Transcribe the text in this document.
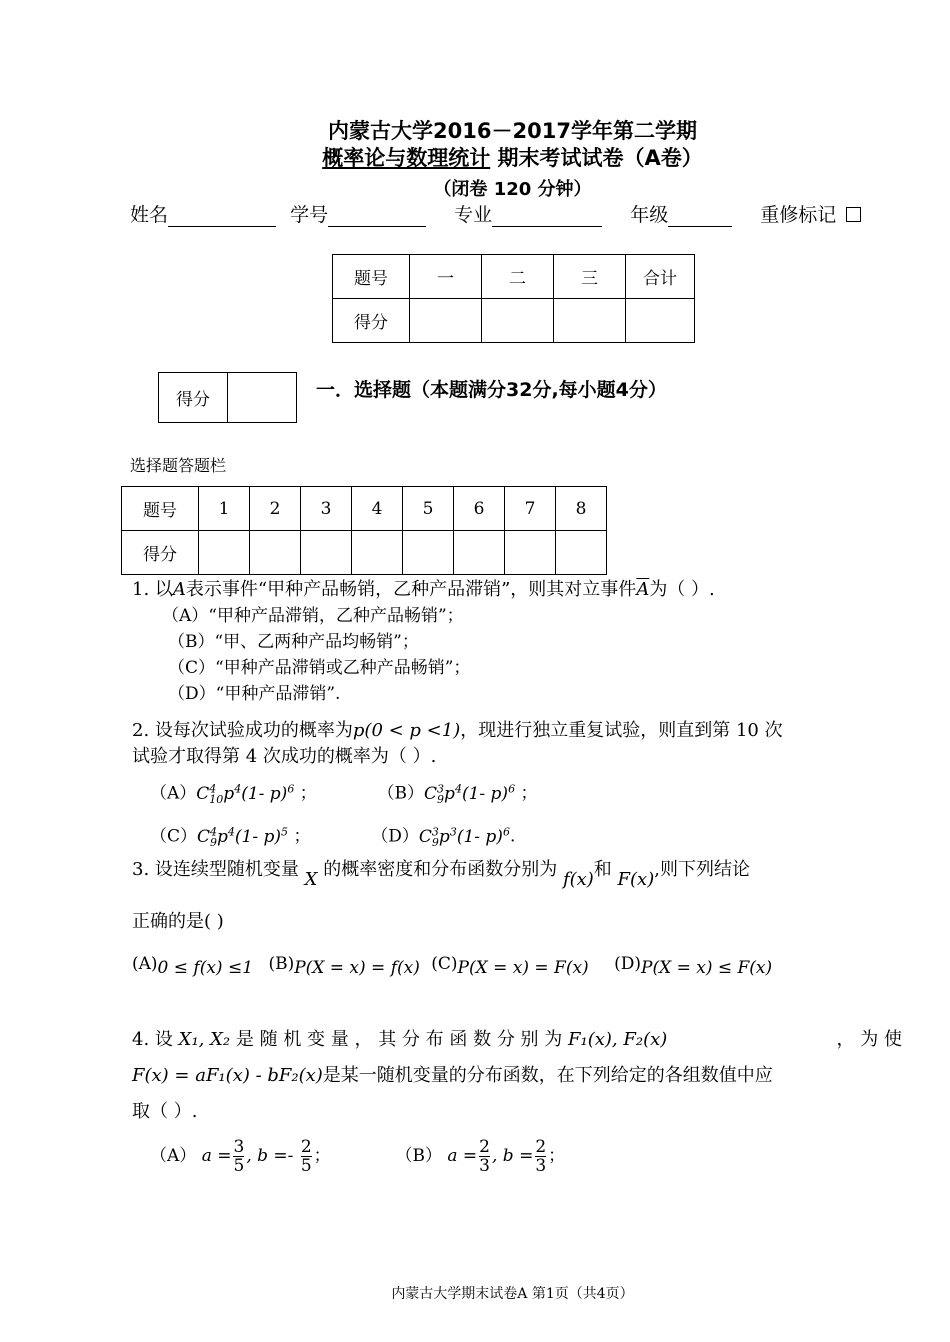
内蒙古大学2016－2017学年第二学期
概率论与数理统计 期末考试试卷（A卷）
（闭卷 120 分钟）
姓名	学号	专业	年级	重修标记
题号	一	二	三	合计
得分				
得分		一．选择题（本题满分32分,每小题4分）
选择题答题栏
题号	1	2	3	4	5	6	7	8
得分								
1. 以A表示事件“甲种产品畅销，乙种产品滞销”，则其对立事件$\overline{A}$为（ ）.
（A）“甲种产品滞销，乙种产品畅销”；
（B）“甲、乙两种产品均畅销”；
（C）“甲种产品滞销或乙种产品畅销”；
（D）“甲种产品滞销”.
2. 设每次试验成功的概率为p(0 < p <1)，现进行独立重复试验，则直到第 10 次
试验才取得第 4 次成功的概率为（ ）.
$(A)C^4_{10}p^4(1-$ p)$^6$ ；	$(B)C^3_9p^4(1-$ p)$^6$ ；
$(C)C^4_9p^4(1-$ p)$^5$ ；	$(D)C^3_9p^3(1-$ p)$^6$.
3. 设连续型随机变量 X 的概率密度和分布函数分别为 f(x)和 F(x),则下列结论
正确的是( )
(A)0 ≤ f(x) ≤1 (B)P(X = x) = f(x) (C)P(X = x) = F(x) (D)P(X = x) ≤ F(x)
4. 设 X₁, X₂ 是 随 机 变 量 ， 其 分 布 函 数 分 别 为 F₁(x), F₂(x)	， 为 使
F(x) = aF₁(x) - bF₂(x)是某一随机变量的分布函数，在下列给定的各组数值中应
取（ ）.
（A） $a = \frac{3}{5}$ , $b =- \frac{2}{5}$ ；	（B） $a = \frac{2}{3}$ , $b = \frac{2}{3}$ ；
内蒙古大学期末试卷A 第1页（共4页）
